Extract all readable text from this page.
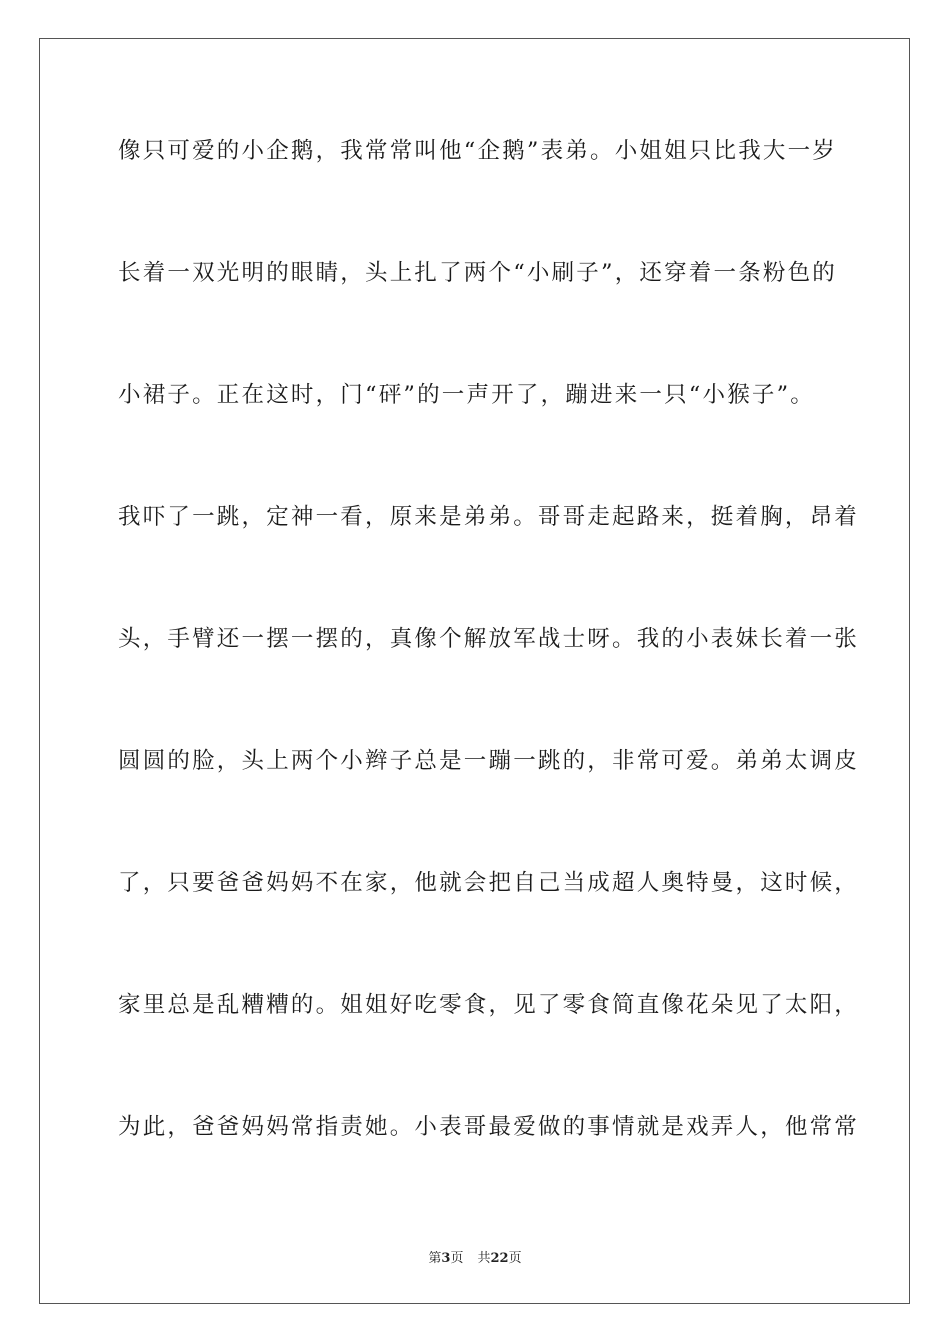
像只可爱的小企鹅，我常常叫他“企鹅”表弟。小姐姐只比我大一岁
长着一双光明的眼睛，头上扎了两个“小刷子”，还穿着一条粉色的
小裙子。正在这时，门“砰”的一声开了，蹦进来一只“小猴子”。
我吓了一跳，定神一看，原来是弟弟。哥哥走起路来，挺着胸，昂着
头，手臂还一摆一摆的，真像个解放军战士呀。我的小表妹长着一张
圆圆的脸，头上两个小辫子总是一蹦一跳的，非常可爱。弟弟太调皮
了，只要爸爸妈妈不在家，他就会把自己当成超人奥特曼，这时候，
家里总是乱糟糟的。姐姐好吃零食，见了零食简直像花朵见了太阳，
为此，爸爸妈妈常指责她。小表哥最爱做的事情就是戏弄人，他常常
第3页 共22页
